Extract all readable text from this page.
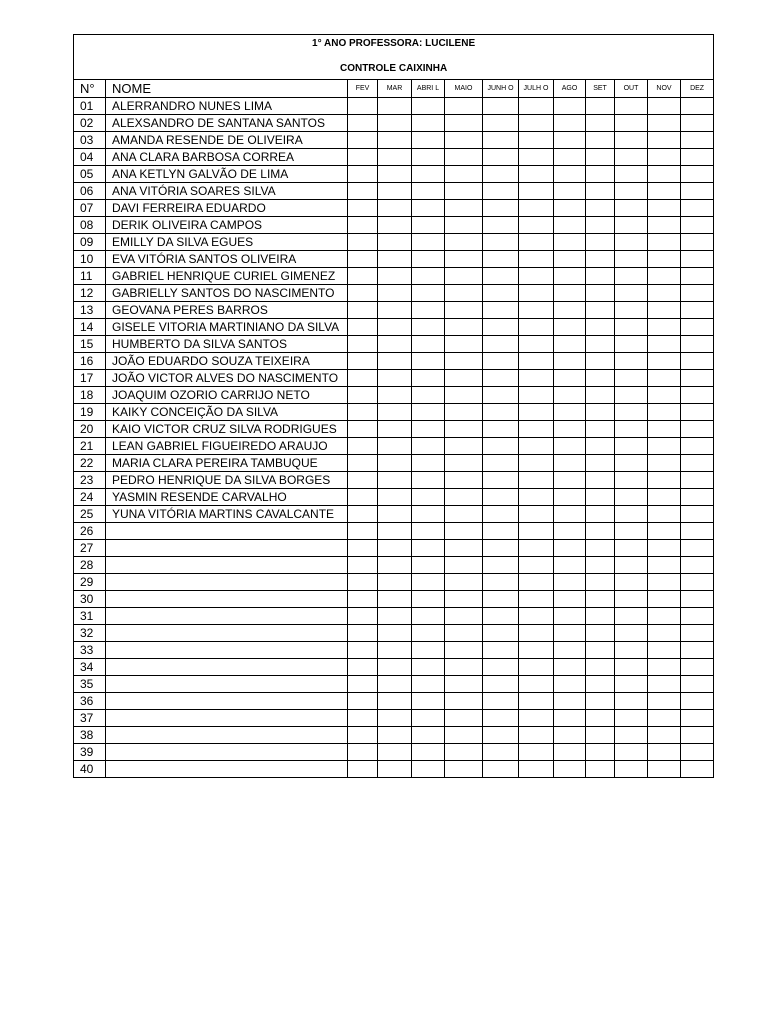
1° ANO PROFESSORA: LUCILENE
CONTROLE CAIXINHA												

N°	NOME	FEV	MAR	ABRI L	MAIO	JUNH O	JULH O	AGO	SET	OUT	NOV	DEZ
01	ALERRANDRO NUNES LIMA											
02	ALEXSANDRO DE SANTANA SANTOS											
03	AMANDA RESENDE DE OLIVEIRA											
04	ANA CLARA BARBOSA CORREA											
05	ANA KETLYN GALVÃO DE LIMA											
06	ANA VITÓRIA SOARES SILVA											
07	DAVI FERREIRA EDUARDO											
08	DERIK OLIVEIRA CAMPOS											
09	EMILLY DA SILVA EGUES											
10	EVA VITÓRIA SANTOS OLIVEIRA											
11	GABRIEL HENRIQUE CURIEL GIMENEZ											
12	GABRIELLY SANTOS DO NASCIMENTO											
13	GEOVANA PERES BARROS											
14	GISELE VITORIA MARTINIANO DA SILVA											
15	HUMBERTO DA SILVA SANTOS											
16	JOÃO EDUARDO SOUZA TEIXEIRA											
17	JOÃO VICTOR ALVES DO NASCIMENTO											
18	JOAQUIM OZORIO CARRIJO NETO											
19	KAIKY CONCEIÇÃO DA SILVA											
20	KAIO VICTOR CRUZ SILVA RODRIGUES											
21	LEAN GABRIEL FIGUEIREDO ARAUJO											
22	MARIA CLARA PEREIRA TAMBUQUE											
23	PEDRO HENRIQUE DA SILVA BORGES											
24	YASMIN RESENDE CARVALHO											
25	YUNA VITÓRIA MARTINS CAVALCANTE											
26												
27												
28												
29												
30												
31												
32												
33												
34												
35												
36												
37												
38												
39												
40												
